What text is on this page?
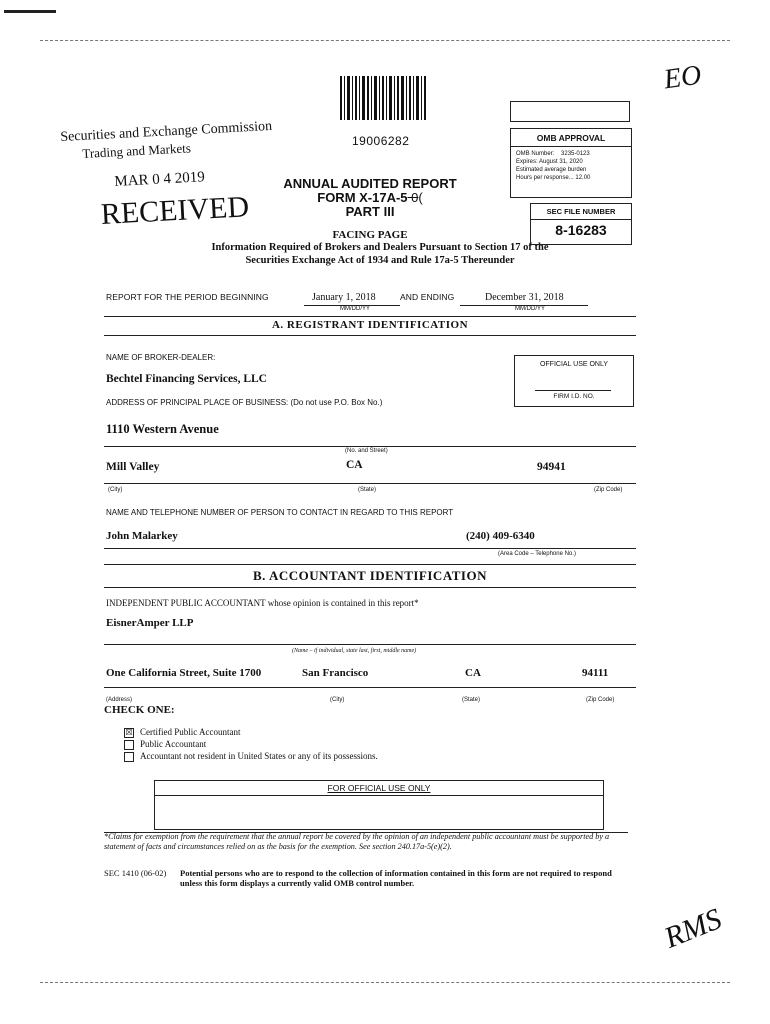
EO
RMS
19006282
Securities and Exchange Commission
Trading and Markets
MAR 0 4 2019
RECEIVED
ANNUAL AUDITED REPORT
FORM X-17A-5 0(
PART III
FACING PAGE
Information Required of Brokers and Dealers Pursuant to Section 17 of the
Securities Exchange Act of 1934 and Rule 17a-5 Thereunder
OMB APPROVAL
OMB Number: 3235-0123
Expires: August 31, 2020
Estimated average burden
Hours per response... 12.00
SEC FILE NUMBER
8-16283
REPORT FOR THE PERIOD BEGINNING	January 1, 2018
MM/DD/YY
AND ENDING	December 31, 2018
MM/DD/YY
A. REGISTRANT IDENTIFICATION
NAME OF BROKER-DEALER:
Bechtel Financing Services, LLC
ADDRESS OF PRINCIPAL PLACE OF BUSINESS: (Do not use P.O. Box No.)
1110 Western Avenue
(No. and Street)
Mill Valley	CA	94941
(City)	(State)	(Zip Code)
NAME AND TELEPHONE NUMBER OF PERSON TO CONTACT IN REGARD TO THIS REPORT
John Malarkey	(240) 409-6340
(Area Code – Telephone No.)
OFFICIAL USE ONLY
FIRM I.D. NO.
B. ACCOUNTANT IDENTIFICATION
INDEPENDENT PUBLIC ACCOUNTANT whose opinion is contained in this report*
EisnerAmper LLP
(Name – if individual, state last, first, middle name)
One California Street, Suite 1700	San Francisco	CA	94111
(Address)	(City)	(State)	(Zip Code)
CHECK ONE:
☒ Certified Public Accountant
Public Accountant
Accountant not resident in United States or any of its possessions.
FOR OFFICIAL USE ONLY
*Claims for exemption from the requirement that the annual report be covered by the opinion of an independent public accountant must be supported by a statement of facts and circumstances relied on as the basis for the exemption. See section 240.17a-5(e)(2).
SEC 1410 (06-02) Potential persons who are to respond to the collection of information contained in this form are not required to respond unless this form displays a currently valid OMB control number.
